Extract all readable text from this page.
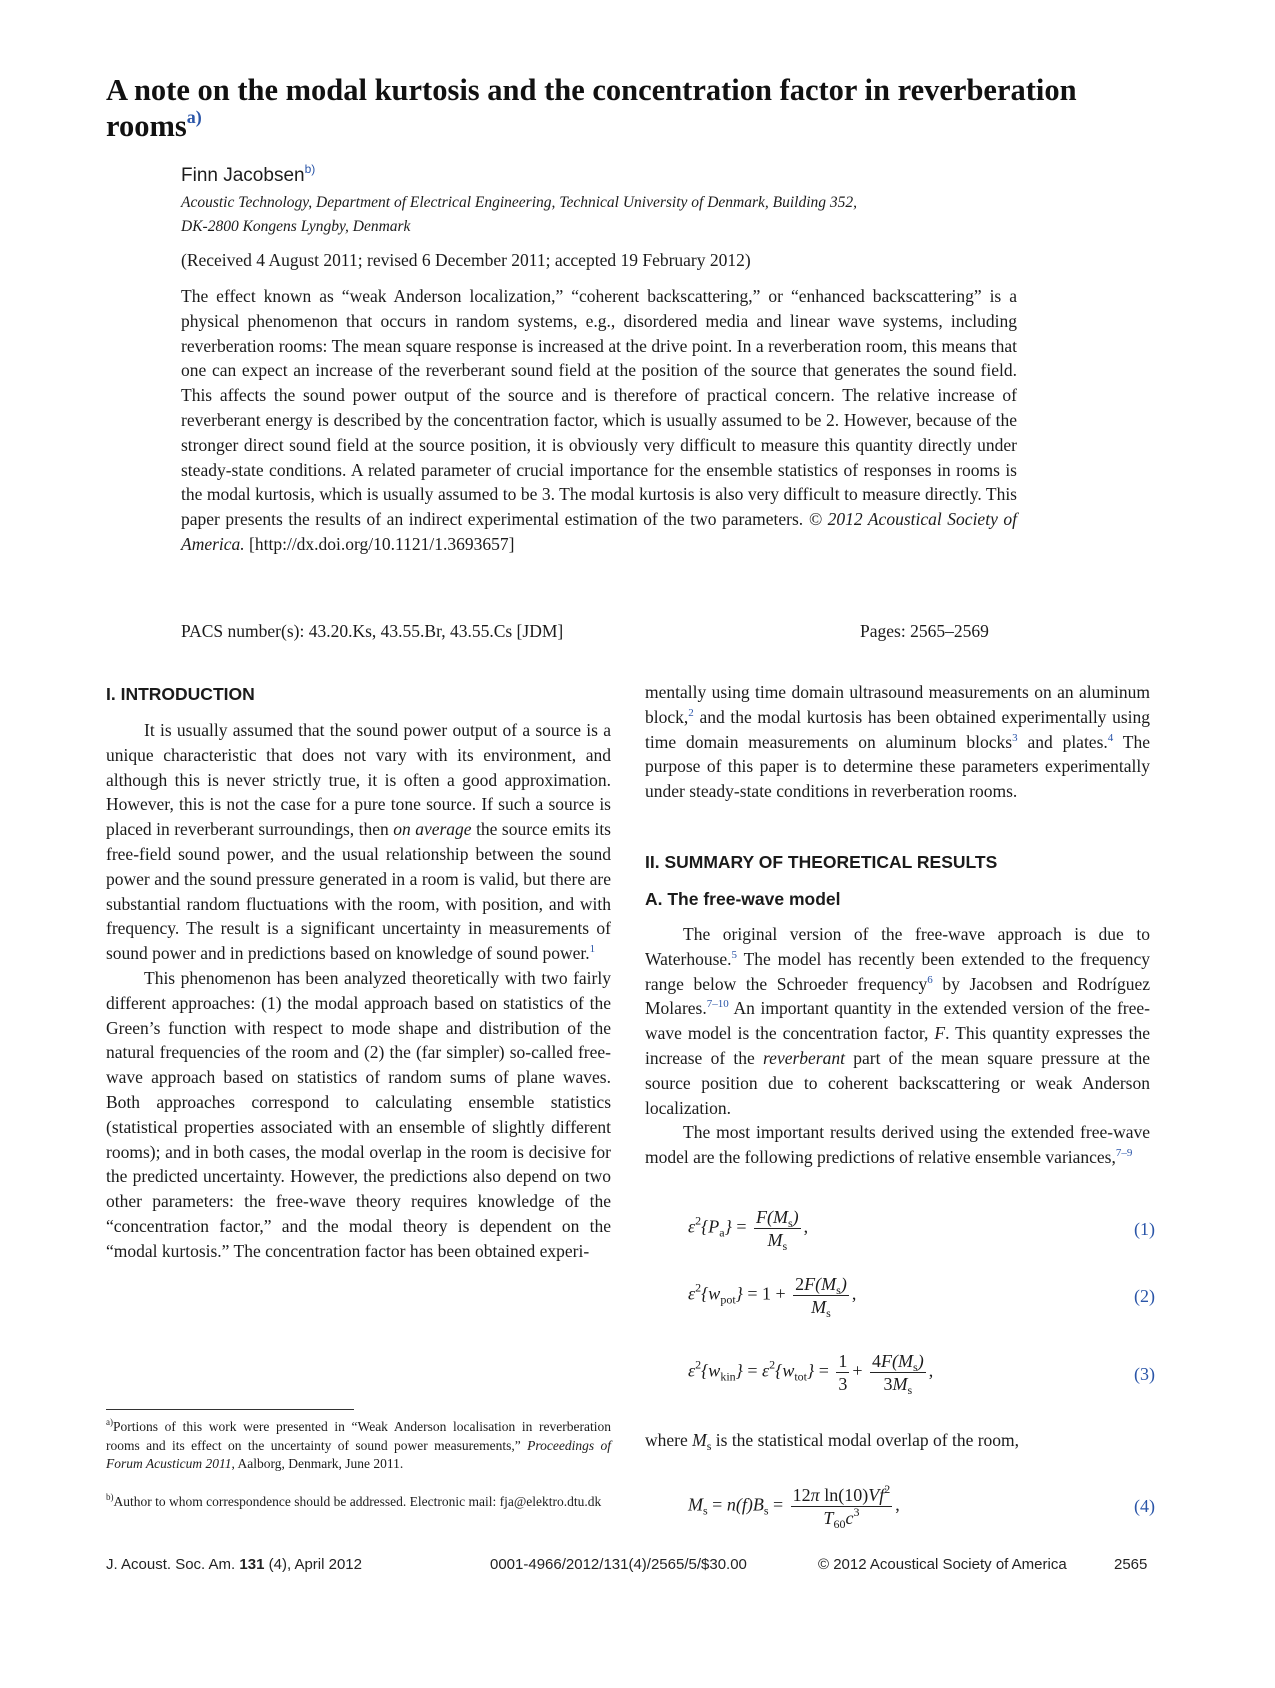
A note on the modal kurtosis and the concentration factor in reverberation rooms$^{a)}$
Finn Jacobsen$^{b)}$
Acoustic Technology, Department of Electrical Engineering, Technical University of Denmark, Building 352,
DK-2800 Kongens Lyngby, Denmark
(Received 4 August 2011; revised 6 December 2011; accepted 19 February 2012)
The effect known as “weak Anderson localization,” “coherent backscattering,” or “enhanced backscattering” is a physical phenomenon that occurs in random systems, e.g., disordered media and linear wave systems, including reverberation rooms: The mean square response is increased at the drive point. In a reverberation room, this means that one can expect an increase of the reverberant sound field at the position of the source that generates the sound field. This affects the sound power output of the source and is therefore of practical concern. The relative increase of reverberant energy is described by the concentration factor, which is usually assumed to be 2. However, because of the stronger direct sound field at the source position, it is obviously very difficult to measure this quantity directly under steady-state conditions. A related parameter of crucial importance for the ensemble statistics of responses in rooms is the modal kurtosis, which is usually assumed to be 3. The modal kurtosis is also very difficult to measure directly. This paper presents the results of an indirect experimental estimation of the two parameters. © 2012 Acoustical Society of America. [http://dx.doi.org/10.1121/1.3693657]
PACS number(s): 43.20.Ks, 43.55.Br, 43.55.Cs [JDM]	Pages: 2565–2569
I. INTRODUCTION

It is usually assumed that the sound power output of a source is a unique characteristic that does not vary with its environment, and although this is never strictly true, it is often a good approximation. However, this is not the case for a pure tone source. If such a source is placed in reverberant surroundings, then on average the source emits its free-field sound power, and the usual relationship between the sound power and the sound pressure generated in a room is valid, but there are substantial random fluctuations with the room, with position, and with frequency. The result is a significant uncertainty in measurements of sound power and in predictions based on knowledge of sound power.$^1$

This phenomenon has been analyzed theoretically with two fairly different approaches: (1) the modal approach based on statistics of the Green’s function with respect to mode shape and distribution of the natural frequencies of the room and (2) the (far simpler) so-called free-wave approach based on statistics of random sums of plane waves. Both approaches correspond to calculating ensemble statistics (statistical properties associated with an ensemble of slightly different rooms); and in both cases, the modal overlap in the room is decisive for the predicted uncertainty. However, the predictions also depend on two other parameters: the free-wave theory requires knowledge of the “concentration factor,” and the modal theory is dependent on the “modal kurtosis.” The concentration factor has been obtained experi-

$^{a)}$Portions of this work were presented in “Weak Anderson localisation in reverberation rooms and its effect on the uncertainty of sound power measurements,” Proceedings of Forum Acusticum 2011, Aalborg, Denmark, June 2011.
$^{b)}$Author to whom correspondence should be addressed. Electronic mail: fja@elektro.dtu.dk

mentally using time domain ultrasound measurements on an aluminum block,$^2$ and the modal kurtosis has been obtained experimentally using time domain measurements on aluminum blocks$^3$ and plates.$^4$ The purpose of this paper is to determine these parameters experimentally under steady-state conditions in reverberation rooms.

II. SUMMARY OF THEORETICAL RESULTS
A. The free-wave model

The original version of the free-wave approach is due to Waterhouse.$^5$ The model has recently been extended to the frequency range below the Schroeder frequency$^6$ by Jacobsen and Rodríguez Molares.$^{7-10}$ An important quantity in the extended version of the free-wave model is the concentration factor, F. This quantity expresses the increase of the reverberant part of the mean square pressure at the source position due to coherent backscattering or weak Anderson localization.

The most important results derived using the extended free-wave model are the following predictions of relative ensemble variances,$^{7-9}$

$\varepsilon^2\{P_a\} = \frac{F(M_s)}{M_s}$ ,	(1)
$\varepsilon^2\{w_{pot}\} = 1 + \frac{2F(M_s)}{M_s}$ ,	(2)
$\varepsilon^2\{w_{kin}\} = \varepsilon^2\{w_{tot}\} = \frac{1}{3} + \frac{4F(M_s)}{3M_s}$ ,	(3)

where $M_s$ is the statistical modal overlap of the room,

$M_s = n(f)B_s = \frac{12\pi \ln(10)Vf^2}{T_{60}c^3}$ ,	(4)
J. Acoust. Soc. Am. 131 (4), April 2012	0001-4966/2012/131(4)/2565/5/$30.00	© 2012 Acoustical Society of America	2565
